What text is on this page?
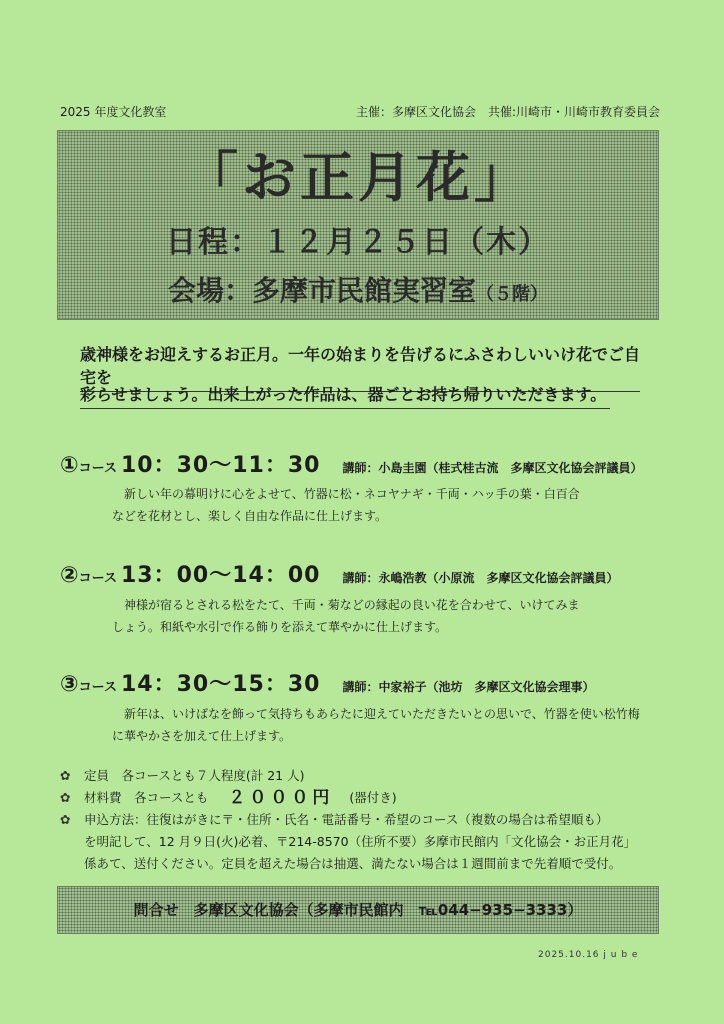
2025 年度文化教室	主催：多摩区文化協会　共催:川崎市・川崎市教育委員会
「お正月花」
日程：１２月２５日（木）
会場：多摩市民館実習室（５階）
歳神様をお迎えするお正月。一年の始まりを告げるにふさわしいいけ花でご自宅を
彩らせましょう。出来上がった作品は、器ごとお持ち帰りいただきます。
① コース 10：30〜11：30 講師：小島圭園（桂式桂古流　多摩区文化協会評議員）
新しい年の幕明けに心をよせて、竹器に松・ネコヤナギ・千両・ハッ手の葉・白百合
などを花材とし、楽しく自由な作品に仕上げます。
② コース 13：00〜14：00 講師：永嶋浩教（小原流　多摩区文化協会評議員）
神様が宿るとされる松をたて、千両・菊などの縁起の良い花を合わせて、いけてみま
しょう。和紙や水引で作る飾りを添えて華やかに仕上げます。
③ コース 14：30〜15：30 講師：中家裕子（池坊　多摩区文化協会理事）
新年は、いけばなを飾って気持ちもあらたに迎えていただきたいとの思いで、竹器を使い松竹梅
に華やかさを加えて仕上げます。
✿	定員　各コースとも７人程度(計 21 人)
✿	材料費　各コースとも ２０００円 (器付き)
✿	申込方法：往復はがきに〒・住所・氏名・電話番号・希望のコース（複数の場合は希望順も）
を明記して、12 月９日(火)必着、〒214-8570（住所不要）多摩市民館内「文化協会・お正月花」
係あて、送付ください。定員を超えた場合は抽選、満たない場合は１週間前まで先着順で受付。
問合せ　多摩区文化協会（多摩市民館内　℡044−935−3333）
2025.10.16 j u b e
